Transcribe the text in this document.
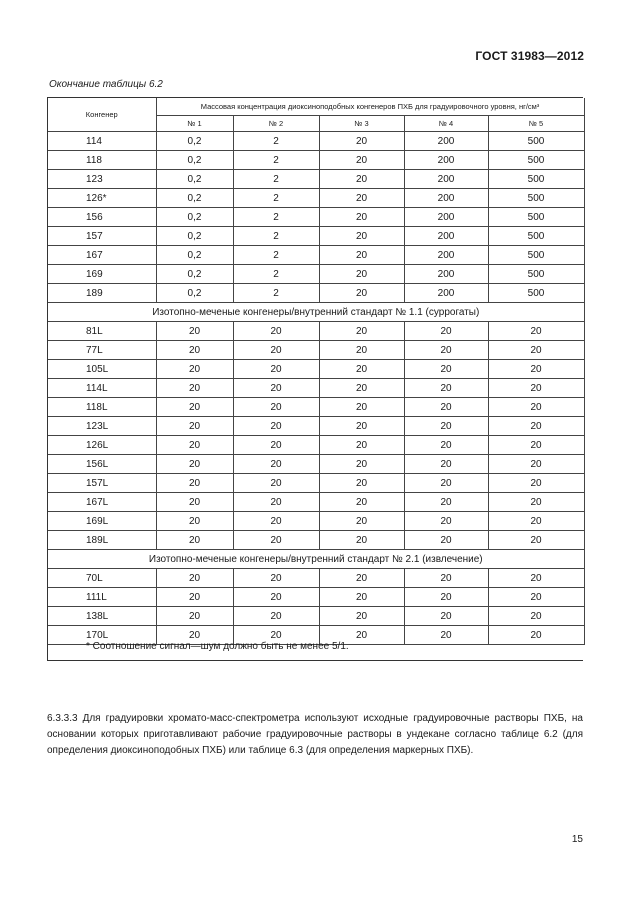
ГОСТ 31983—2012
Окончание таблицы 6.2
Конгенер	Массовая концентрация диоксиноподобных конгенеров ПХБ для градуировочного уровня, нг/см³				
	№ 1	№ 2	№ 3	№ 4	№ 5
114	0,2	2	20	200	500
118	0,2	2	20	200	500
123	0,2	2	20	200	500
126*	0,2	2	20	200	500
156	0,2	2	20	200	500
157	0,2	2	20	200	500
167	0,2	2	20	200	500
169	0,2	2	20	200	500
189	0,2	2	20	200	500
Изотопно-меченые конгенеры/внутренний стандарт № 1.1 (суррогаты)					
81L	20	20	20	20	20
77L	20	20	20	20	20
105L	20	20	20	20	20
114L	20	20	20	20	20
118L	20	20	20	20	20
123L	20	20	20	20	20
126L	20	20	20	20	20
156L	20	20	20	20	20
157L	20	20	20	20	20
167L	20	20	20	20	20
169L	20	20	20	20	20
189L	20	20	20	20	20
Изотопно-меченые конгенеры/внутренний стандарт № 2.1 (извлечение)					
70L	20	20	20	20	20
111L	20	20	20	20	20
138L	20	20	20	20	20
170L	20	20	20	20	20
* Соотношение сигнал—шум должно быть не менее 5/1.
6.3.3.3 Для градуировки хромато-масс-спектрометра используют исходные градуировочные растворы ПХБ, на основании которых приготавливают рабочие градуировочные растворы в ундекане согласно таблице 6.2 (для определения диоксиноподобных ПХБ) или таблице 6.3 (для определения маркерных ПХБ).
15
